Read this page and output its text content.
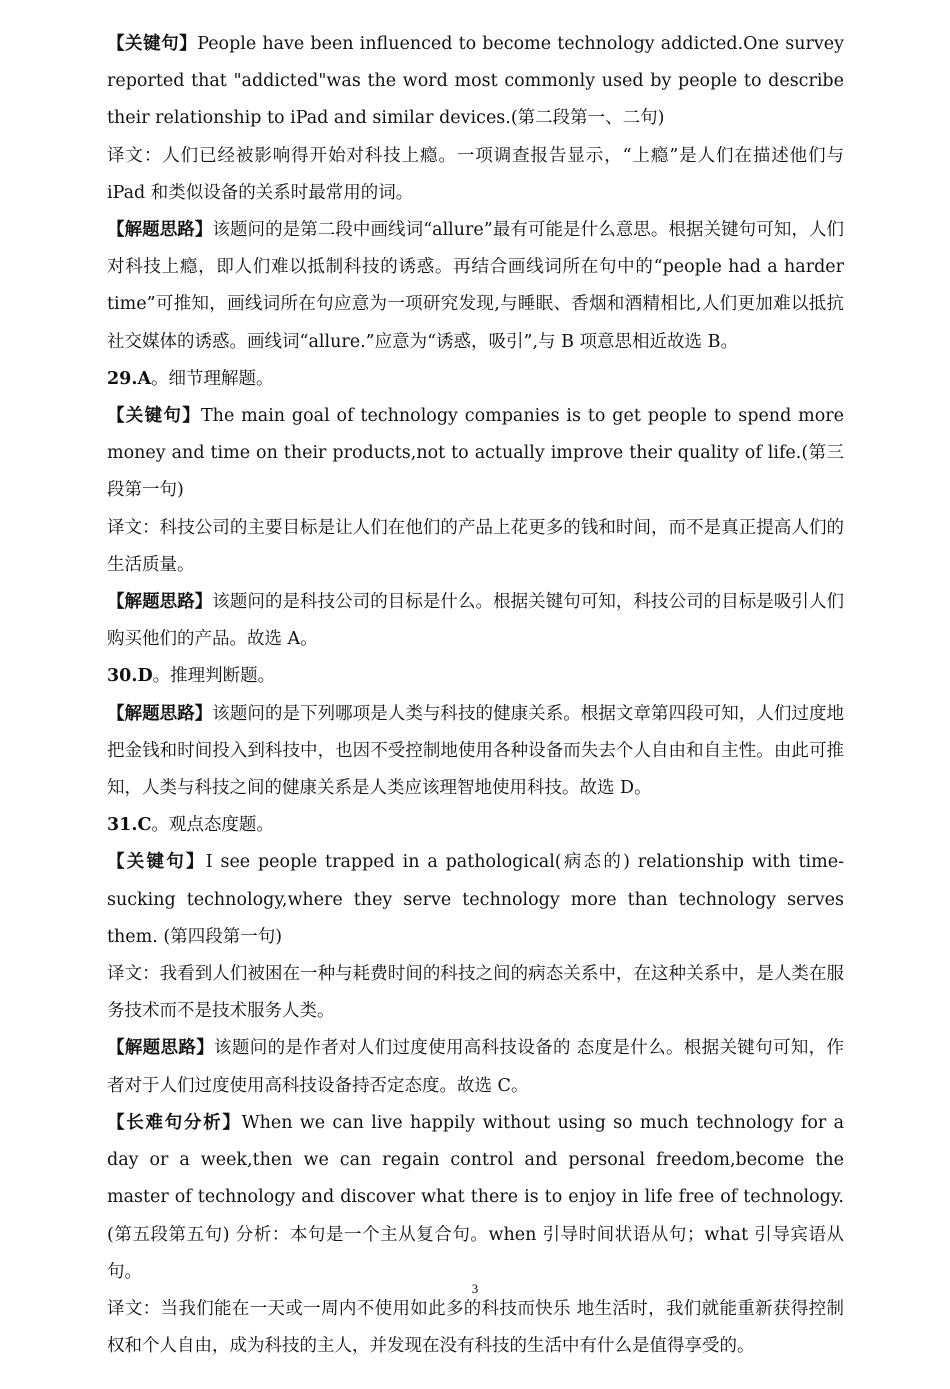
【关键句】People have been influenced to become technology addicted.One survey reported that "addicted"was the word most commonly used by people to describe their relationship to iPad and similar devices.(第二段第一、二句)

译文：人们已经被影响得开始对科技上瘾。一项调查报告显示，“上瘾”是人们在描述他们与 iPad 和类似设备的关系时最常用的词。

【解题思路】该题问的是第二段中画线词“allure”最有可能是什么意思。根据关键句可知，人们对科技上瘾，即人们难以抵制科技的诱惑。再结合画线词所在句中的“people had a harder time”可推知，画线词所在句应意为一项研究发现,与睡眠、香烟和酒精相比,人们更加难以抵抗社交媒体的诱惑。画线词“allure.”应意为“诱惑，吸引”,与 B 项意思相近故选 B。

29.A。细节理解题。

【关键句】The main goal of technology companies is to get people to spend more money and time on their products,not to actually improve their quality of life.(第三段第一句)

译文：科技公司的主要目标是让人们在他们的产品上花更多的钱和时间，而不是真正提高人们的生活质量。

【解题思路】该题问的是科技公司的目标是什么。根据关键句可知，科技公司的目标是吸引人们购买他们的产品。故选 A。

30.D。推理判断题。

【解题思路】该题问的是下列哪项是人类与科技的健康关系。根据文章第四段可知，人们过度地把金钱和时间投入到科技中，也因不受控制地使用各种设备而失去个人自由和自主性。由此可推知，人类与科技之间的健康关系是人类应该理智地使用科技。故选 D。

31.C。观点态度题。

【关键句】I see people trapped in a pathological(病态的) relationship with time-sucking technology,where they serve technology more than technology serves them. (第四段第一句)

译文：我看到人们被困在一种与耗费时间的科技之间的病态关系中，在这种关系中，是人类在服务技术而不是技术服务人类。

【解题思路】该题问的是作者对人们过度使用高科技设备的 态度是什么。根据关键句可知，作者对于人们过度使用高科技设备持否定态度。故选 C。

【长难句分析】When we can live happily without using so much technology for a day or a week,then we can regain control and personal freedom,become the master of technology and discover what there is to enjoy in life free of technology.(第五段第五句) 分析：本句是一个主从复合句。when 引导时间状语从句；what 引导宾语从句。

译文：当我们能在一天或一周内不使用如此多的科技而快乐 地生活时，我们就能重新获得控制权和个人自由，成为科技的主人，并发现在没有科技的生活中有什么是值得享受的。

3
